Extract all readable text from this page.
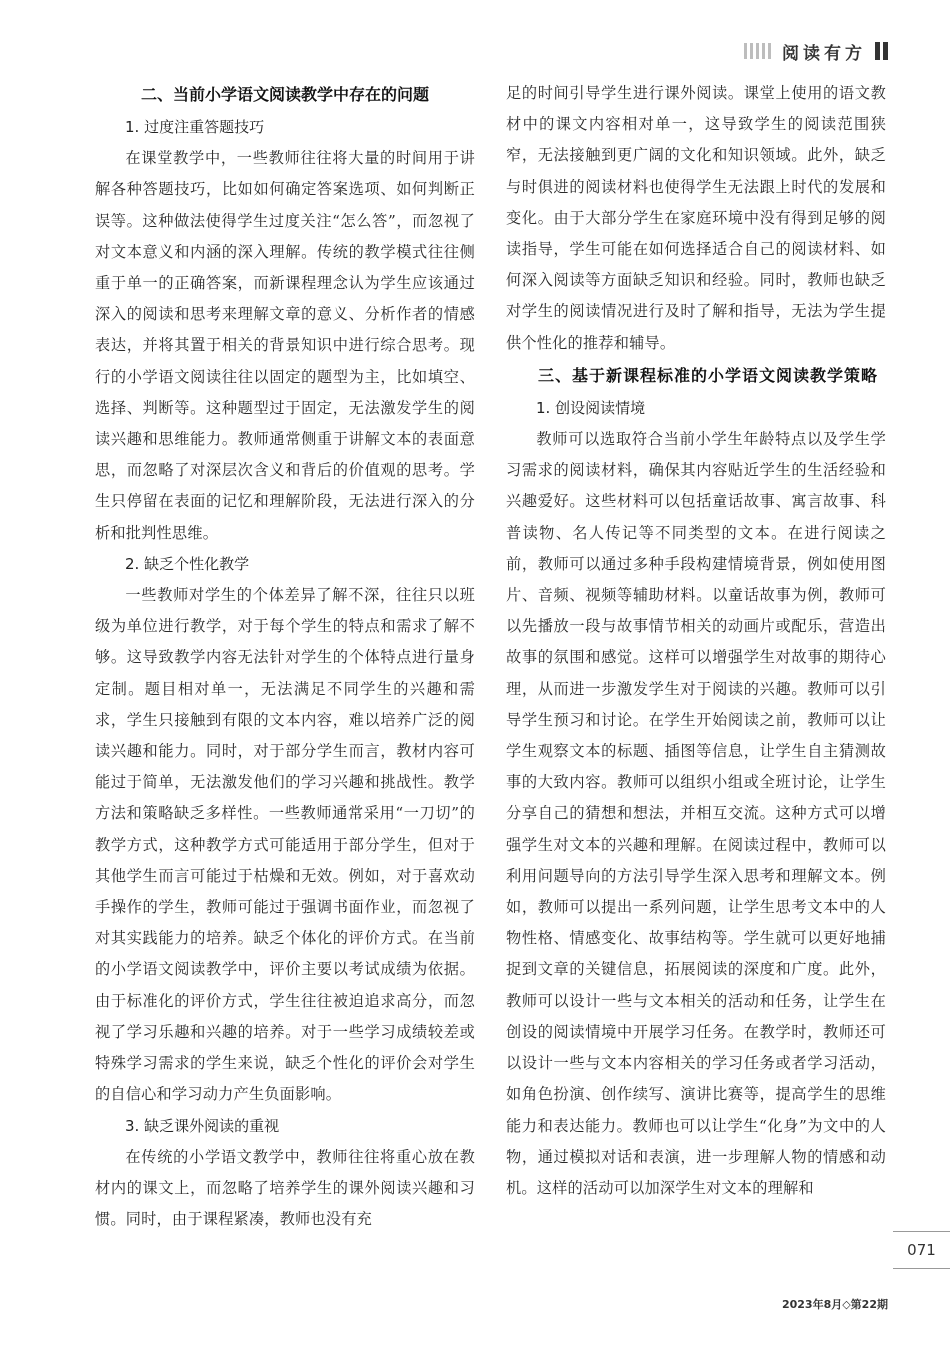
阅读有方
二、当前小学语文阅读教学中存在的问题
1. 过度注重答题技巧

在课堂教学中，一些教师往往将大量的时间用于讲解各种答题技巧，比如如何确定答案选项、如何判断正误等。这种做法使得学生过度关注“怎么答”，而忽视了对文本意义和内涵的深入理解。传统的教学模式往往侧重于单一的正确答案，而新课程理念认为学生应该通过深入的阅读和思考来理解文章的意义、分析作者的情感表达，并将其置于相关的背景知识中进行综合思考。现行的小学语文阅读往往以固定的题型为主，比如填空、选择、判断等。这种题型过于固定，无法激发学生的阅读兴趣和思维能力。教师通常侧重于讲解文本的表面意思，而忽略了对深层次含义和背后的价值观的思考。学生只停留在表面的记忆和理解阶段，无法进行深入的分析和批判性思维。

2. 缺乏个性化教学

一些教师对学生的个体差异了解不深，往往只以班级为单位进行教学，对于每个学生的特点和需求了解不够。这导致教学内容无法针对学生的个体特点进行量身定制。题目相对单一，无法满足不同学生的兴趣和需求，学生只接触到有限的文本内容，难以培养广泛的阅读兴趣和能力。同时，对于部分学生而言，教材内容可能过于简单，无法激发他们的学习兴趣和挑战性。教学方法和策略缺乏多样性。一些教师通常采用“一刀切”的教学方式，这种教学方式可能适用于部分学生，但对于其他学生而言可能过于枯燥和无效。例如，对于喜欢动手操作的学生，教师可能过于强调书面作业，而忽视了对其实践能力的培养。缺乏个体化的评价方式。在当前的小学语文阅读教学中，评价主要以考试成绩为依据。由于标准化的评价方式，学生往往被迫追求高分，而忽视了学习乐趣和兴趣的培养。对于一些学习成绩较差或特殊学习需求的学生来说，缺乏个性化的评价会对学生的自信心和学习动力产生负面影响。

3. 缺乏课外阅读的重视

在传统的小学语文教学中，教师往往将重心放在教材内的课文上，而忽略了培养学生的课外阅读兴趣和习惯。同时，由于课程紧凑，教师也没有充

足的时间引导学生进行课外阅读。课堂上使用的语文教材中的课文内容相对单一，这导致学生的阅读范围狭窄，无法接触到更广阔的文化和知识领域。此外，缺乏与时俱进的阅读材料也使得学生无法跟上时代的发展和变化。由于大部分学生在家庭环境中没有得到足够的阅读指导，学生可能在如何选择适合自己的阅读材料、如何深入阅读等方面缺乏知识和经验。同时，教师也缺乏对学生的阅读情况进行及时了解和指导，无法为学生提供个性化的推荐和辅导。

三、基于新课程标准的小学语文阅读教学策略
1. 创设阅读情境

教师可以选取符合当前小学生年龄特点以及学生学习需求的阅读材料，确保其内容贴近学生的生活经验和兴趣爱好。这些材料可以包括童话故事、寓言故事、科普读物、名人传记等不同类型的文本。在进行阅读之前，教师可以通过多种手段构建情境背景，例如使用图片、音频、视频等辅助材料。以童话故事为例，教师可以先播放一段与故事情节相关的动画片或配乐，营造出故事的氛围和感觉。这样可以增强学生对故事的期待心理，从而进一步激发学生对于阅读的兴趣。教师可以引导学生预习和讨论。在学生开始阅读之前，教师可以让学生观察文本的标题、插图等信息，让学生自主猜测故事的大致内容。教师可以组织小组或全班讨论，让学生分享自己的猜想和想法，并相互交流。这种方式可以增强学生对文本的兴趣和理解。在阅读过程中，教师可以利用问题导向的方法引导学生深入思考和理解文本。例如，教师可以提出一系列问题，让学生思考文本中的人物性格、情感变化、故事结构等。学生就可以更好地捕捉到文章的关键信息，拓展阅读的深度和广度。此外，教师可以设计一些与文本相关的活动和任务，让学生在创设的阅读情境中开展学习任务。在教学时，教师还可以设计一些与文本内容相关的学习任务或者学习活动，如角色扮演、创作续写、演讲比赛等，提高学生的思维能力和表达能力。教师也可以让学生“化身”为文中的人物，通过模拟对话和表演，进一步理解人物的情感和动机。这样的活动可以加深学生对文本的理解和

071
2023年8月◇第22期
